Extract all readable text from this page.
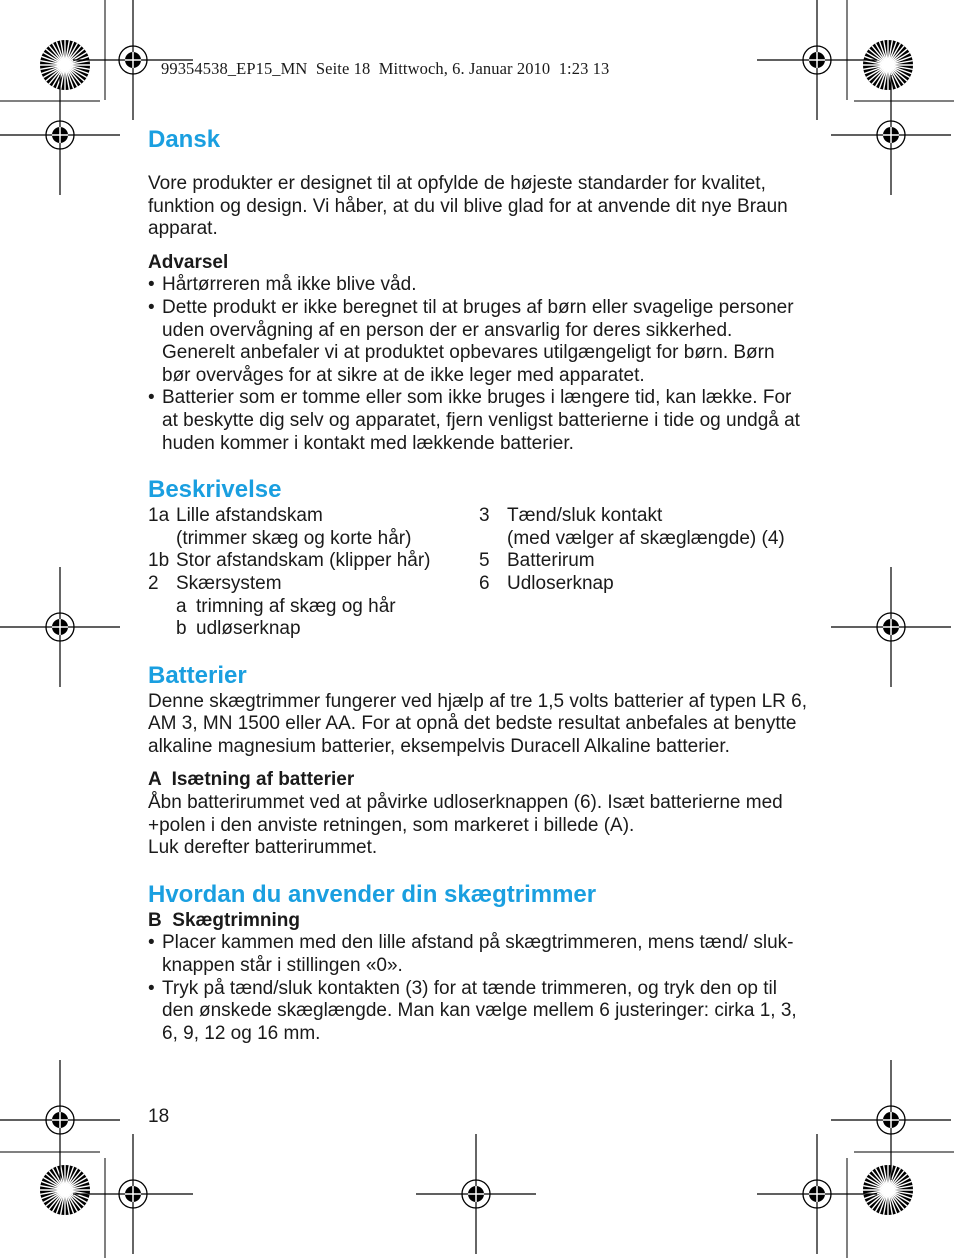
99354538_EP15_MN  Seite 18  Mittwoch, 6. Januar 2010  1:23 13
Dansk

Vore produkter er designet til at opfylde de højeste standarder for kvalitet, funktion og design. Vi håber, at du vil blive glad for at anvende dit nye Braun apparat.

Advarsel

• Hårtørreren må ikke blive våd.
• Dette produkt er ikke beregnet til at bruges af børn eller svagelige personer uden overvågning af en person der er ansvarlig for deres sikkerhed. Generelt anbefaler vi at produktet opbevares utilgængeligt for børn. Børn bør overvåges for at sikre at de ikke leger med apparatet.
• Batterier som er tomme eller som ikke bruges i længere tid, kan lække. For at beskytte dig selv og apparatet, fjern venligst batterierne i tide og undgå at huden kommer i kontakt med lækkende batterier.
Beskrivelse
1a Lille afstandskam
(trimmer skæg og korte hår)
1b Stor afstandskam (klipper hår)
2 Skærsystem
a trimning af skæg og hår
b udløserknap
3 Tænd/sluk kontakt
(med vælger af skæglængde) (4)
5 Batterirum
6 Udloserknap
Batterier

Denne skægtrimmer fungerer ved hjælp af tre 1,5 volts batterier af typen LR 6, AM 3, MN 1500 eller AA. For at opnå det bedste resultat anbefales at benytte alkaline magnesium batterier, eksempelvis Duracell Alkaline batterier.

A  Isætning af batterier

Åbn batterirummet ved at påvirke udloserknappen (6). Isæt batterierne med +polen i den anviste retningen, som markeret i billede (A).

Luk derefter batterirummet.

Hvordan du anvender din skægtrimmer

B  Skægtrimning

• Placer kammen med den lille afstand på skægtrimmeren, mens tænd/ sluk-knappen står i stillingen «0».
• Tryk på tænd/sluk kontakten (3) for at tænde trimmeren, og tryk den op til den ønskede skæglængde. Man kan vælge mellem 6 justeringer: cirka 1, 3, 6, 9, 12 og 16 mm.
18
